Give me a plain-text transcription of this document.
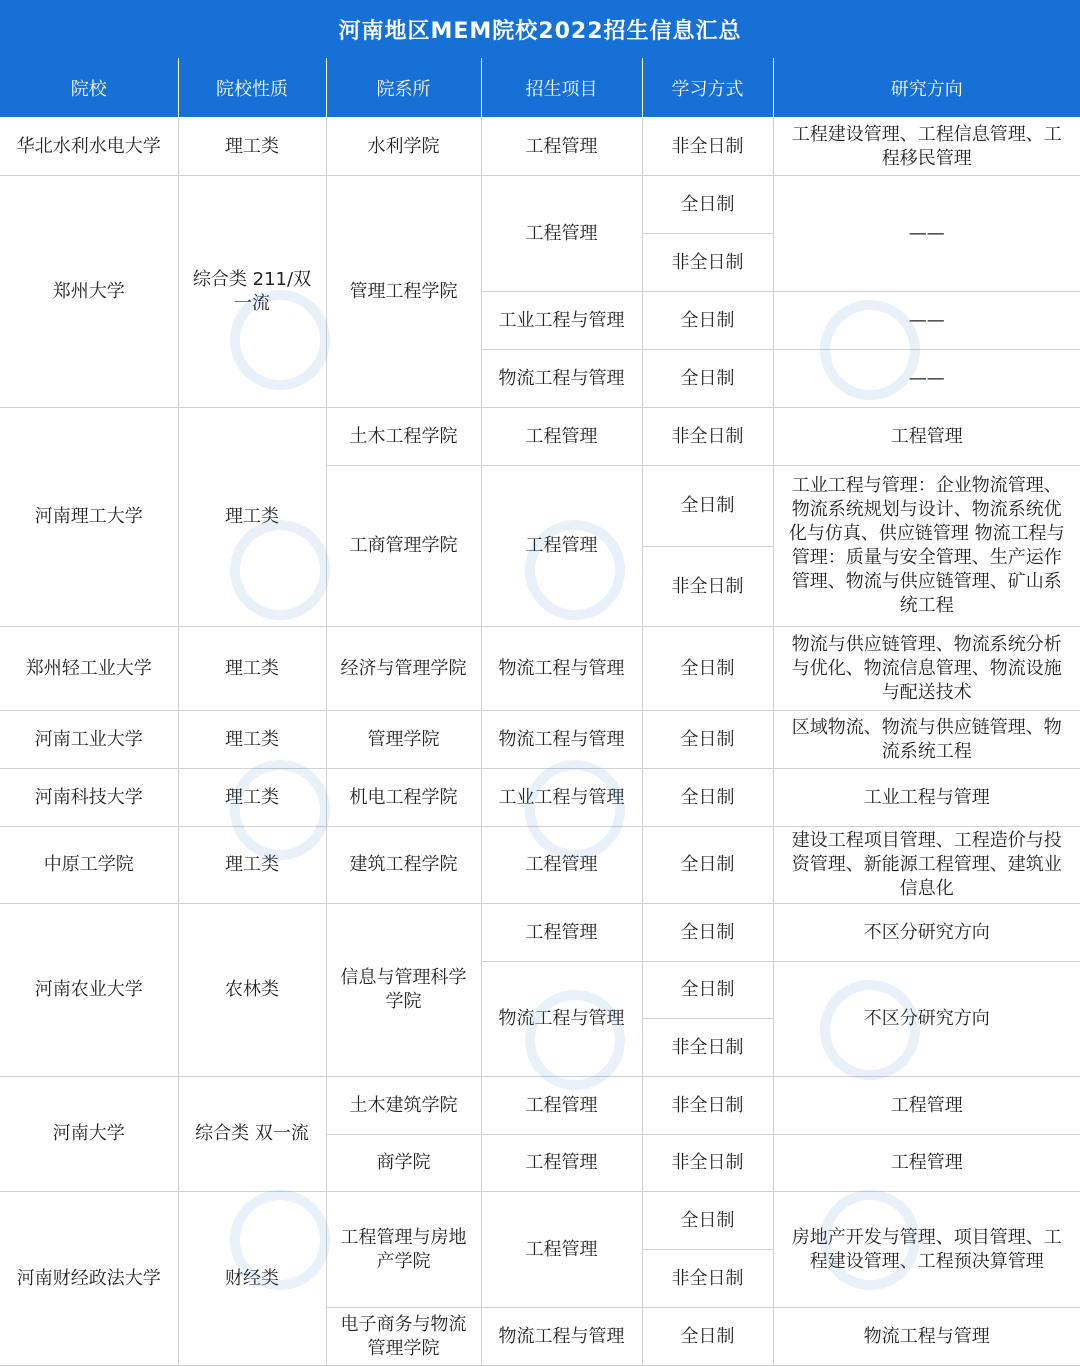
河南地区MEM院校2022招生信息汇总
院校	院校性质	院系所	招生项目	学习方式	研究方向
华北水利水电大学	理工类	水利学院	工程管理	非全日制	工程建设管理、工程信息管理、工程移民管理
郑州大学	综合类 211/双一流	管理工程学院	工程管理	全日制	——
				非全日制	
			工业工程与管理	全日制	——
			物流工程与管理	全日制	——
河南理工大学	理工类	土木工程学院	工程管理	非全日制	工程管理
		工商管理学院	工程管理	全日制	工业工程与管理：企业物流管理、物流系统规划与设计、物流系统优化与仿真、供应链管理 物流工程与管理：质量与安全管理、生产运作管理、物流与供应链管理、矿山系统工程
				非全日制	
郑州轻工业大学	理工类	经济与管理学院	物流工程与管理	全日制	物流与供应链管理、物流系统分析与优化、物流信息管理、物流设施与配送技术
河南工业大学	理工类	管理学院	物流工程与管理	全日制	区域物流、物流与供应链管理、物流系统工程
河南科技大学	理工类	机电工程学院	工业工程与管理	全日制	工业工程与管理
中原工学院	理工类	建筑工程学院	工程管理	全日制	建设工程项目管理、工程造价与投资管理、新能源工程管理、建筑业信息化
河南农业大学	农林类	信息与管理科学学院	工程管理	全日制	不区分研究方向
			物流工程与管理	全日制	不区分研究方向
				非全日制	
河南大学	综合类 双一流	土木建筑学院	工程管理	非全日制	工程管理
		商学院	工程管理	非全日制	工程管理
河南财经政法大学	财经类	工程管理与房地产学院	工程管理	全日制	房地产开发与管理、项目管理、工程建设管理、工程预决算管理
				非全日制	
		电子商务与物流管理学院	物流工程与管理	全日制	物流工程与管理
